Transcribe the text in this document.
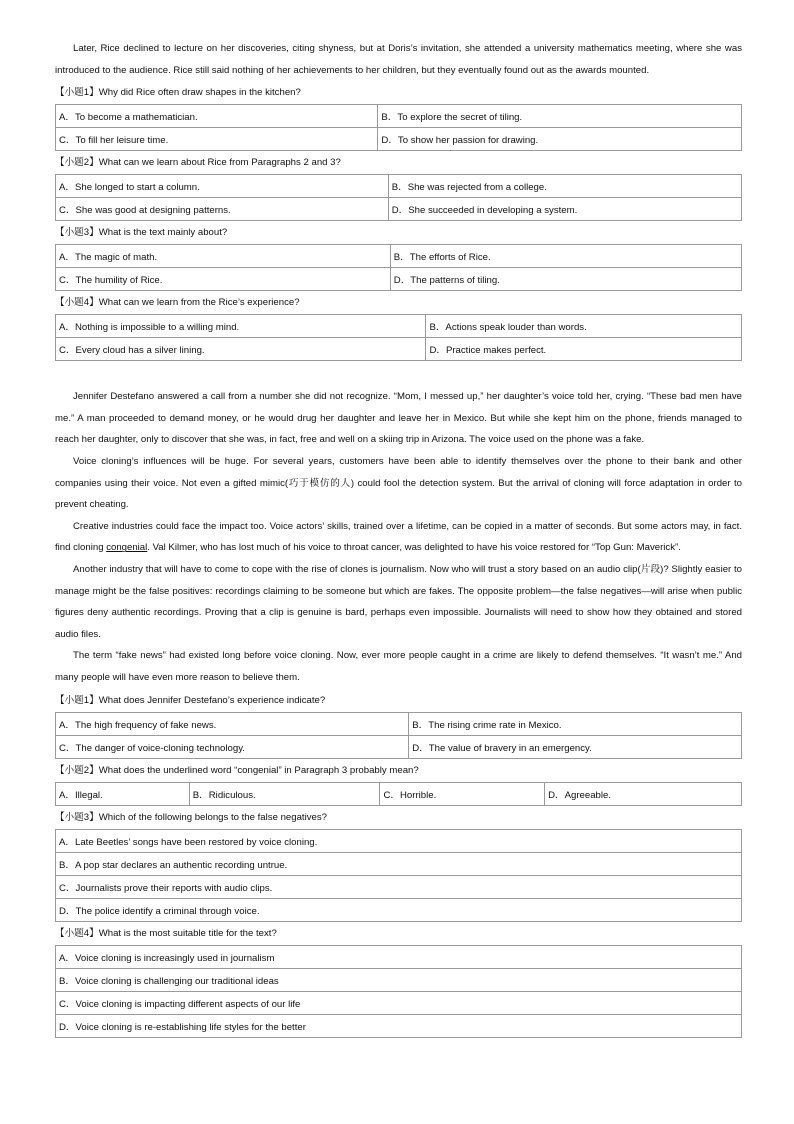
Later, Rice declined to lecture on her discoveries, citing shyness, but at Doris’s invitation, she attended a university mathematics meeting, where she was introduced to the audience. Rice still said nothing of her achievements to her children, but they eventually found out as the awards mounted.

【小题1】Why did Rice often draw shapes in the kitchen?
A．To become a mathematician.	B．To explore the secret of tiling.
C．To fill her leisure time.	D．To show her passion for drawing.
【小题2】What can we learn about Rice from Paragraphs 2 and 3?
A．She longed to start a column.	B．She was rejected from a college.
C．She was good at designing patterns.	D．She succeeded in developing a system.
【小题3】What is the text mainly about?
A．The magic of math.	B．The efforts of Rice.
C．The humility of Rice.	D．The patterns of tiling.
【小题4】What can we learn from the Rice’s experience?
A．Nothing is impossible to a willing mind.	B．Actions speak louder than words.
C．Every cloud has a silver lining.	D．Practice makes perfect.

Jennifer Destefano answered a call from a number she did not recognize. “Mom, I messed up,” her daughter’s voice told her, crying. “These bad men have me.” A man proceeded to demand money, or he would drug her daughter and leave her in Mexico. But while she kept him on the phone, friends managed to reach her daughter, only to discover that she was, in fact, free and well on a skiing trip in Arizona. The voice used on the phone was a fake.

Voice cloning’s influences will be huge. For several years, customers have been able to identify themselves over the phone to their bank and other companies using their voice. Not even a gifted mimic(巧于模仿的人) could fool the detection system. But the arrival of cloning will force adaptation in order to prevent cheating.

Creative industries could face the impact too. Voice actors’ skills, trained over a lifetime, can be copied in a matter of seconds. But some actors may, in fact. find cloning congenial. Val Kilmer, who has lost much of his voice to throat cancer, was delighted to have his voice restored for “Top Gun: Maverick”.

Another industry that will have to come to cope with the rise of clones is journalism. Now who will trust a story based on an audio clip(片段)? Slightly easier to manage might be the false positives: recordings claiming to be someone but which are fakes. The opposite problem—the false negatives—will arise when public figures deny authentic recordings. Proving that a clip is genuine is bard, perhaps even impossible. Journalists will need to show how they obtained and stored audio files.

The term “fake news” had existed long before voice cloning. Now, ever more people caught in a crime are likely to defend themselves. “It wasn’t me.” And many people will have even more reason to believe them.

【小题1】What does Jennifer Destefano’s experience indicate?
A．The high frequency of fake news.	B．The rising crime rate in Mexico.
C．The danger of voice-cloning technology.	D．The value of bravery in an emergency.
【小题2】What does the underlined word “congenial” in Paragraph 3 probably mean?
A．Illegal.	B．Ridiculous.	C．Horrible.	D．Agreeable.
【小题3】Which of the following belongs to the false negatives?
A．Late Beetles’ songs have been restored by voice cloning.
B．A pop star declares an authentic recording untrue.
C．Journalists prove their reports with audio clips.
D．The police identify a criminal through voice.
【小题4】What is the most suitable title for the text?
A．Voice cloning is increasingly used in journalism
B．Voice cloning is challenging our traditional ideas
C．Voice cloning is impacting different aspects of our life
D．Voice cloning is re-establishing life styles for the better
